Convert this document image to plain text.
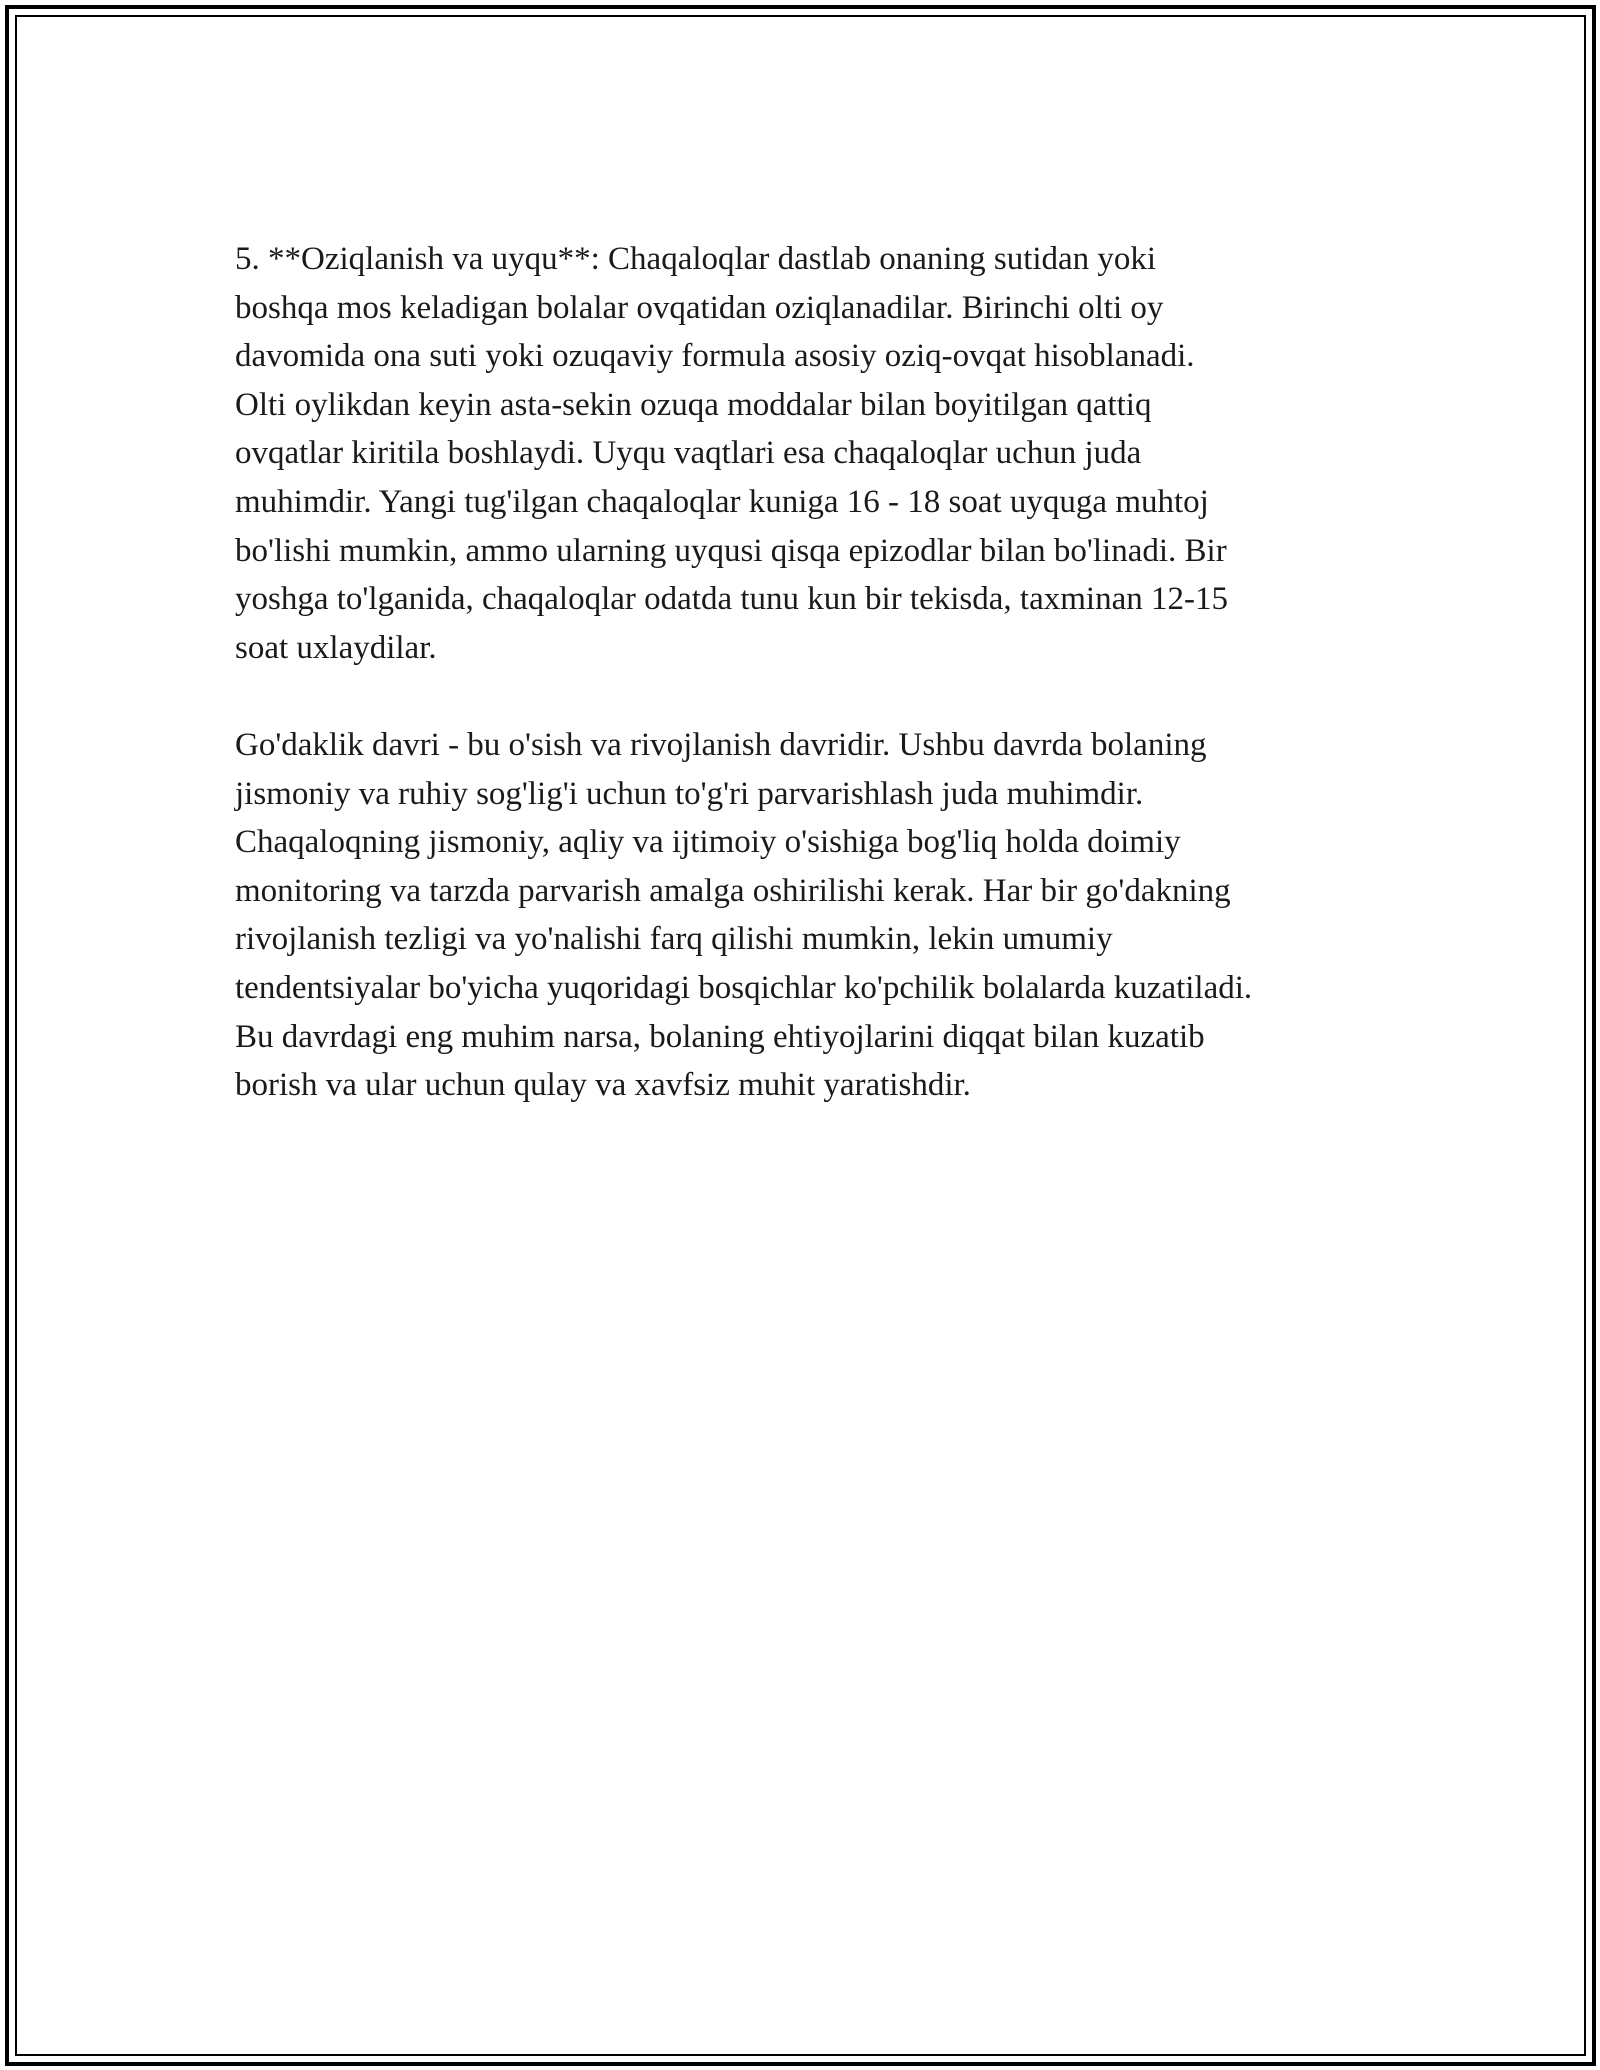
5. **Oziqlanish va uyqu**: Chaqaloqlar dastlab onaning sutidan yoki
boshqa mos keladigan bolalar ovqatidan oziqlanadilar. Birinchi olti oy
davomida ona suti yoki ozuqaviy formula asosiy oziq-ovqat hisoblanadi.
Olti oylikdan keyin asta-sekin ozuqa moddalar bilan boyitilgan qattiq
ovqatlar kiritila boshlaydi. Uyqu vaqtlari esa chaqaloqlar uchun juda
muhimdir. Yangi tug'ilgan chaqaloqlar kuniga 16 - 18 soat uyquga muhtoj
bo'lishi mumkin, ammo ularning uyqusi qisqa epizodlar bilan bo'linadi. Bir
yoshga to'lganida, chaqaloqlar odatda tunu kun bir tekisda, taxminan 12-15
soat uxlaydilar.

Go'daklik davri - bu o'sish va rivojlanish davridir. Ushbu davrda bolaning
jismoniy va ruhiy sog'lig'i uchun to'g'ri parvarishlash juda muhimdir.
Chaqaloqning jismoniy, aqliy va ijtimoiy o'sishiga bog'liq holda doimiy
monitoring va tarzda parvarish amalga oshirilishi kerak. Har bir go'dakning
rivojlanish tezligi va yo'nalishi farq qilishi mumkin, lekin umumiy
tendentsiyalar bo'yicha yuqoridagi bosqichlar ko'pchilik bolalarda kuzatiladi.
Bu davrdagi eng muhim narsa, bolaning ehtiyojlarini diqqat bilan kuzatib
borish va ular uchun qulay va xavfsiz muhit yaratishdir.
